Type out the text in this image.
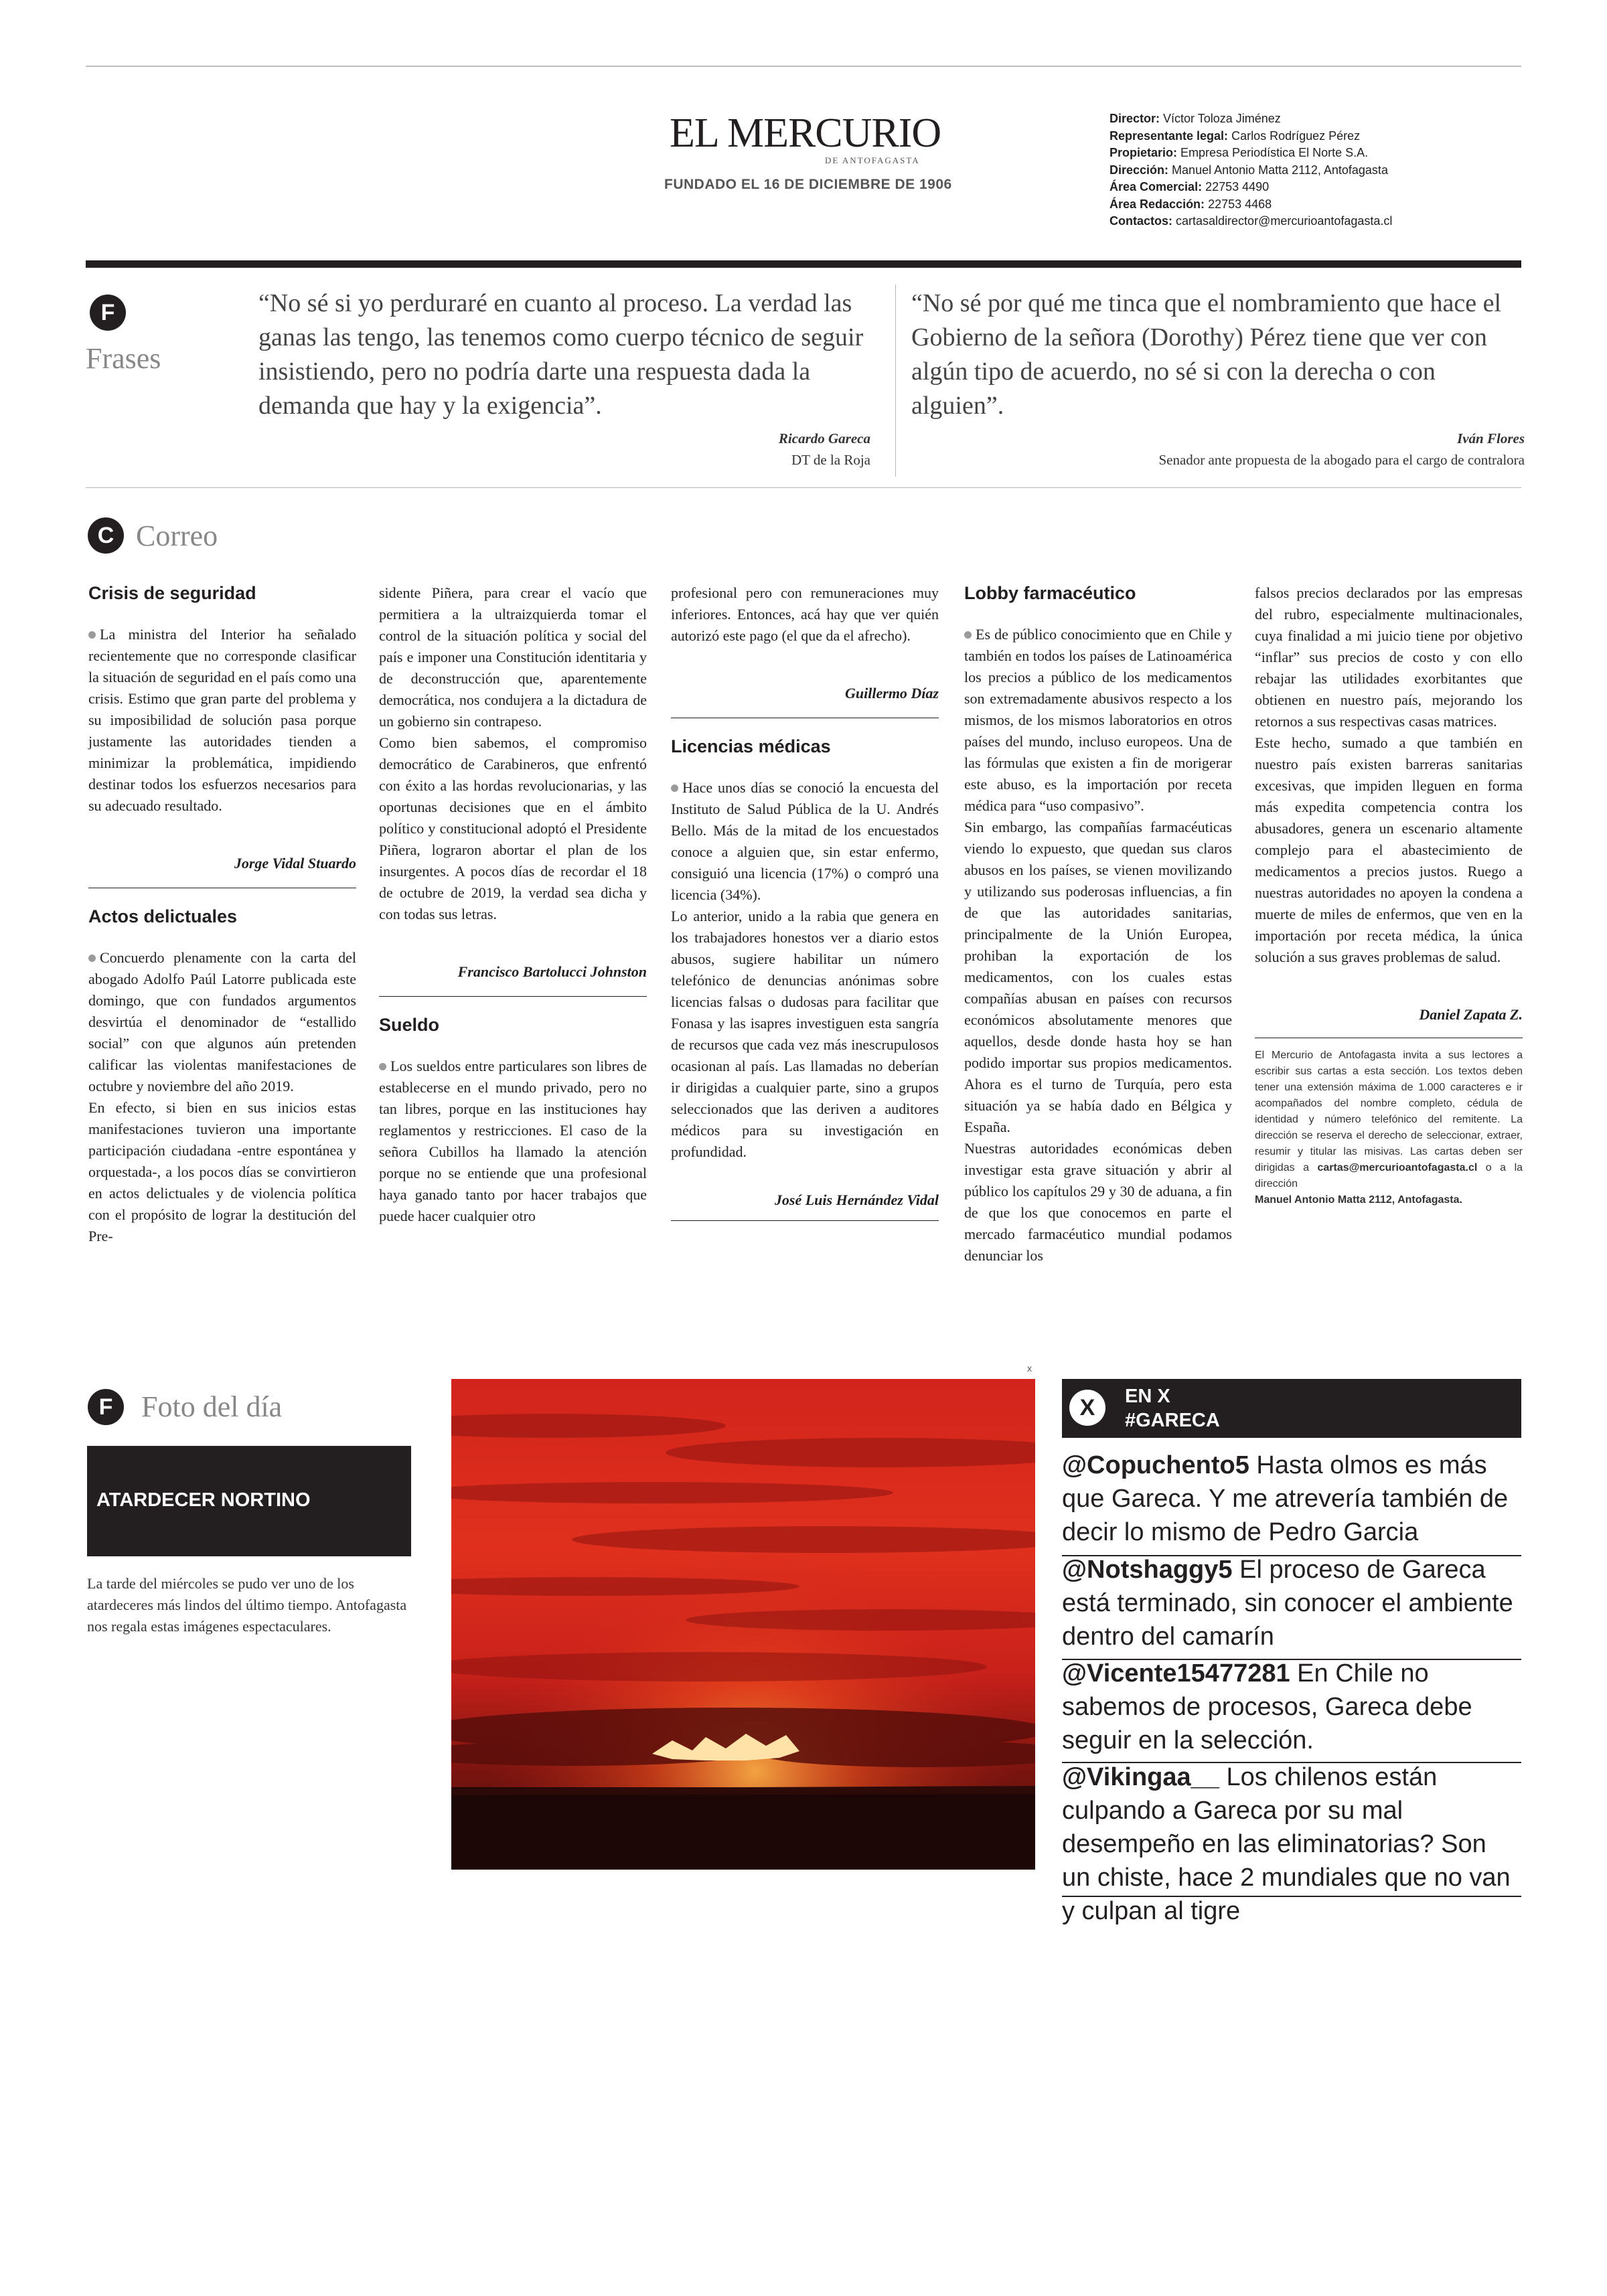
EL MERCURIO
DE ANTOFAGASTA
FUNDADO EL 16 DE DICIEMBRE DE 1906
Director: Víctor Toloza Jiménez
Representante legal: Carlos Rodríguez Pérez
Propietario: Empresa Periodística El Norte S.A.
Dirección: Manuel Antonio Matta 2112, Antofagasta
Área Comercial: 22753 4490
Área Redacción: 22753 4468
Contactos: cartasaldirector@mercurioantofagasta.cl
F
Frases
“No sé si yo perduraré en cuanto al proceso. La verdad las ganas las tengo, las tenemos como cuerpo técnico de seguir insistiendo, pero no podría darte una respuesta dada la demanda que hay y la exigencia”.
Ricardo Gareca
DT de la Roja
“No sé por qué me tinca que el nombramiento que hace el Gobierno de la señora (Dorothy) Pérez tiene que ver con algún tipo de acuerdo, no sé si con la derecha o con alguien”.
Iván Flores
Senador ante propuesta de la abogado para el cargo de contralora
C Correo

Crisis de seguridad

La ministra del Interior ha señalado recientemente que no corresponde clasificar la situación de seguridad en el país como una crisis. Estimo que gran parte del problema y su imposibilidad de solución pasa porque justamente las autoridades tienden a minimizar la problemática, impidiendo destinar todos los esfuerzos necesarios para su adecuado resultado.

Jorge Vidal Stuardo

Actos delictuales

Concuerdo plenamente con la carta del abogado Adolfo Paúl Latorre publicada este domingo, que con fundados argumentos desvirtúa el denominador de “estallido social” con que algunos aún pretenden calificar las violentas manifestaciones de octubre y noviembre del año 2019.

En efecto, si bien en sus inicios estas manifestaciones tuvieron una importante participación ciudadana -entre espontánea y orquestada-, a los pocos días se convirtieron en actos delictuales y de violencia política con el propósito de lograr la destitución del Pre-

sidente Piñera, para crear el vacío que permitiera a la ultraizquierda tomar el control de la situación política y social del país e imponer una Constitución identitaria y de deconstrucción que, aparentemente democrática, nos condujera a la dictadura de un gobierno sin contrapeso.

Como bien sabemos, el compromiso democrático de Carabineros, que enfrentó con éxito a las hordas revolucionarias, y las oportunas decisiones que en el ámbito político y constitucional adoptó el Presidente Piñera, lograron abortar el plan de los insurgentes. A pocos días de recordar el 18 de octubre de 2019, la verdad sea dicha y con todas sus letras.

Francisco Bartolucci Johnston

Sueldo

Los sueldos entre particulares son libres de establecerse en el mundo privado, pero no tan libres, porque en las instituciones hay reglamentos y restricciones. El caso de la señora Cubillos ha llamado la atención porque no se entiende que una profesional haya ganado tanto por hacer trabajos que puede hacer cualquier otro

profesional pero con remuneraciones muy inferiores. Entonces, acá hay que ver quién autorizó este pago (el que da el afrecho).

Guillermo Díaz

Licencias médicas

Hace unos días se conoció la encuesta del Instituto de Salud Pública de la U. Andrés Bello. Más de la mitad de los encuestados conoce a alguien que, sin estar enfermo, consiguió una licencia (17%) o compró una licencia (34%).

Lo anterior, unido a la rabia que genera en los trabajadores honestos ver a diario estos abusos, sugiere habilitar un número telefónico de denuncias anónimas sobre licencias falsas o dudosas para facilitar que Fonasa y las isapres investiguen esta sangría de recursos que cada vez más inescrupulosos ocasionan al país. Las llamadas no deberían ir dirigidas a cualquier parte, sino a grupos seleccionados que las deriven a auditores médicos para su investigación en profundidad.

José Luis Hernández Vidal

Lobby farmacéutico

Es de público conocimiento que en Chile y también en todos los países de Latinoamérica los precios a público de los medicamentos son extremadamente abusivos respecto a los mismos, de los mismos laboratorios en otros países del mundo, incluso europeos. Una de las fórmulas que existen a fin de morigerar este abuso, es la importación por receta médica para “uso compasivo”.

Sin embargo, las compañías farmacéuticas viendo lo expuesto, que quedan sus claros abusos en los países, se vienen movilizando y utilizando sus poderosas influencias, a fin de que las autoridades sanitarias, principalmente de la Unión Europea, prohiban la exportación de los medicamentos, con los cuales estas compañías abusan en países con recursos económicos absolutamente menores que aquellos, desde donde hasta hoy se han podido importar sus propios medicamentos. Ahora es el turno de Turquía, pero esta situación ya se había dado en Bélgica y España.

Nuestras autoridades económicas deben investigar esta grave situación y abrir al público los capítulos 29 y 30 de aduana, a fin de que los que conocemos en parte el mercado farmacéutico mundial podamos denunciar los

falsos precios declarados por las empresas del rubro, especialmente multinacionales, cuya finalidad a mi juicio tiene por objetivo “inflar” sus precios de costo y con ello rebajar las utilidades exorbitantes que obtienen en nuestro país, mejorando los retornos a sus respectivas casas matrices.

Este hecho, sumado a que también en nuestro país existen barreras sanitarias excesivas, que impiden lleguen en forma más expedita competencia contra los abusadores, genera un escenario altamente complejo para el abastecimiento de medicamentos a precios justos. Ruego a nuestras autoridades no apoyen la condena a muerte de miles de enfermos, que ven en la importación por receta médica, la única solución a sus graves problemas de salud.

Daniel Zapata Z.

El Mercurio de Antofagasta invita a sus lectores a escribir sus cartas a esta sección. Los textos deben tener una extensión máxima de 1.000 caracteres e ir acompañados del nombre completo, cédula de identidad y número telefónico del remitente. La dirección se reserva el derecho de seleccionar, extraer, resumir y titular las misivas. Las cartas deben ser dirigidas a cartas@mercurioantofagasta.cl o a la dirección
Manuel Antonio Matta 2112, Antofagasta.
F Foto del día
ATARDECER NORTINO
La tarde del miércoles se pudo ver uno de los atardeceres más lindos del último tiempo. Antofagasta nos regala estas imágenes espectaculares.
x
X	EN X
#GARECA
@Copuchento5 Hasta olmos es más que Gareca. Y me atrevería también de decir lo mismo de Pedro Garcia
@Notshaggy5 El proceso de Gareca está terminado, sin conocer el ambiente dentro del camarín
@Vicente15477281 En Chile no sabemos de procesos, Gareca debe seguir en la selección.
@Vikingaa__ Los chilenos están culpando a Gareca por su mal desempeño en las eliminatorias? Son un chiste, hace 2 mundiales que no van y culpan al tigre
